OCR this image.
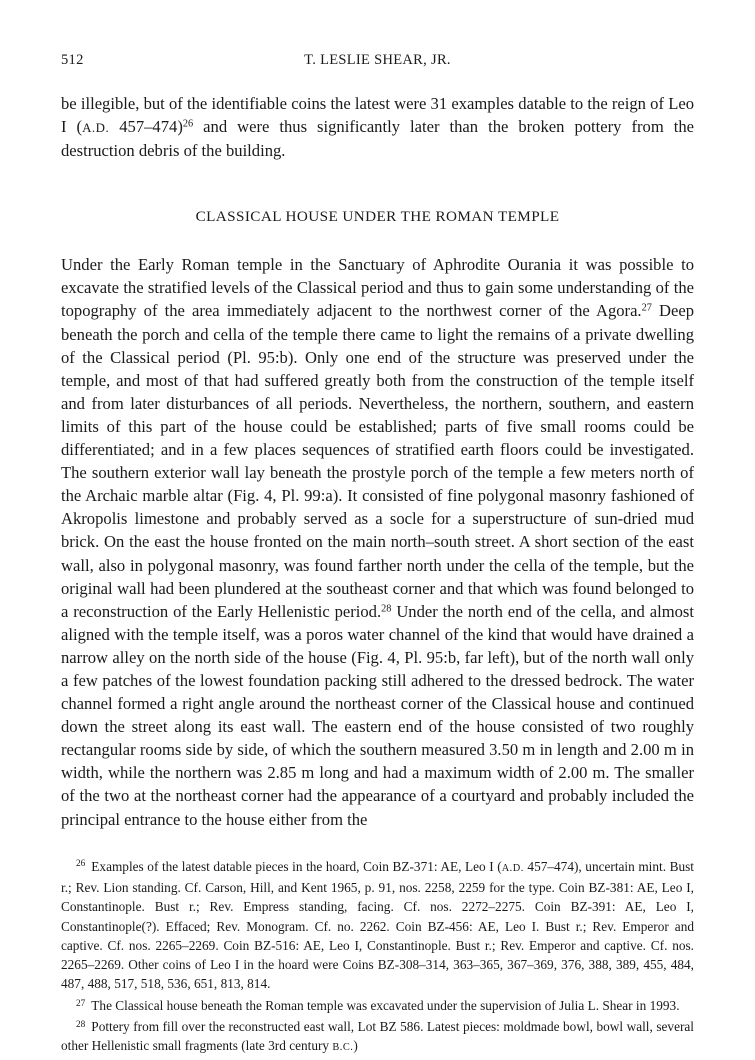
512	T. LESLIE SHEAR, JR.

be illegible, but of the identifiable coins the latest were 31 examples datable to the reign of Leo I (A.D. 457–474)$^{26}$ and were thus significantly later than the broken pottery from the destruction debris of the building.

CLASSICAL HOUSE UNDER THE ROMAN TEMPLE

Under the Early Roman temple in the Sanctuary of Aphrodite Ourania it was possible to excavate the stratified levels of the Classical period and thus to gain some understanding of the topography of the area immediately adjacent to the northwest corner of the Agora.$^{27}$ Deep beneath the porch and cella of the temple there came to light the remains of a private dwelling of the Classical period (Pl. 95:b). Only one end of the structure was preserved under the temple, and most of that had suffered greatly both from the construction of the temple itself and from later disturbances of all periods. Nevertheless, the northern, southern, and eastern limits of this part of the house could be established; parts of five small rooms could be differentiated; and in a few places sequences of stratified earth floors could be investigated. The southern exterior wall lay beneath the prostyle porch of the temple a few meters north of the Archaic marble altar (Fig. 4, Pl. 99:a). It consisted of fine polygonal masonry fashioned of Akropolis limestone and probably served as a socle for a superstructure of sun-dried mud brick. On the east the house fronted on the main north–south street. A short section of the east wall, also in polygonal masonry, was found farther north under the cella of the temple, but the original wall had been plundered at the southeast corner and that which was found belonged to a reconstruction of the Early Hellenistic period.$^{28}$ Under the north end of the cella, and almost aligned with the temple itself, was a poros water channel of the kind that would have drained a narrow alley on the north side of the house (Fig. 4, Pl. 95:b, far left), but of the north wall only a few patches of the lowest foundation packing still adhered to the dressed bedrock. The water channel formed a right angle around the northeast corner of the Classical house and continued down the street along its east wall. The eastern end of the house consisted of two roughly rectangular rooms side by side, of which the southern measured 3.50 m in length and 2.00 m in width, while the northern was 2.85 m long and had a maximum width of 2.00 m. The smaller of the two at the northeast corner had the appearance of a courtyard and probably included the principal entrance to the house either from the

$^{26}$ Examples of the latest datable pieces in the hoard, Coin BZ-371: AE, Leo I (A.D. 457–474), uncertain mint. Bust r.; Rev. Lion standing. Cf. Carson, Hill, and Kent 1965, p. 91, nos. 2258, 2259 for the type. Coin BZ-381: AE, Leo I, Constantinople. Bust r.; Rev. Empress standing, facing. Cf. nos. 2272–2275. Coin BZ-391: AE, Leo I, Constantinople(?). Effaced; Rev. Monogram. Cf. no. 2262. Coin BZ-456: AE, Leo I. Bust r.; Rev. Emperor and captive. Cf. nos. 2265–2269. Coin BZ-516: AE, Leo I, Constantinople. Bust r.; Rev. Emperor and captive. Cf. nos. 2265–2269. Other coins of Leo I in the hoard were Coins BZ-308–314, 363–365, 367–369, 376, 388, 389, 455, 484, 487, 488, 517, 518, 536, 651, 813, 814.

$^{27}$ The Classical house beneath the Roman temple was excavated under the supervision of Julia L. Shear in 1993.

$^{28}$ Pottery from fill over the reconstructed east wall, Lot BZ 586. Latest pieces: moldmade bowl, bowl wall, several other Hellenistic small fragments (late 3rd century B.C.)
